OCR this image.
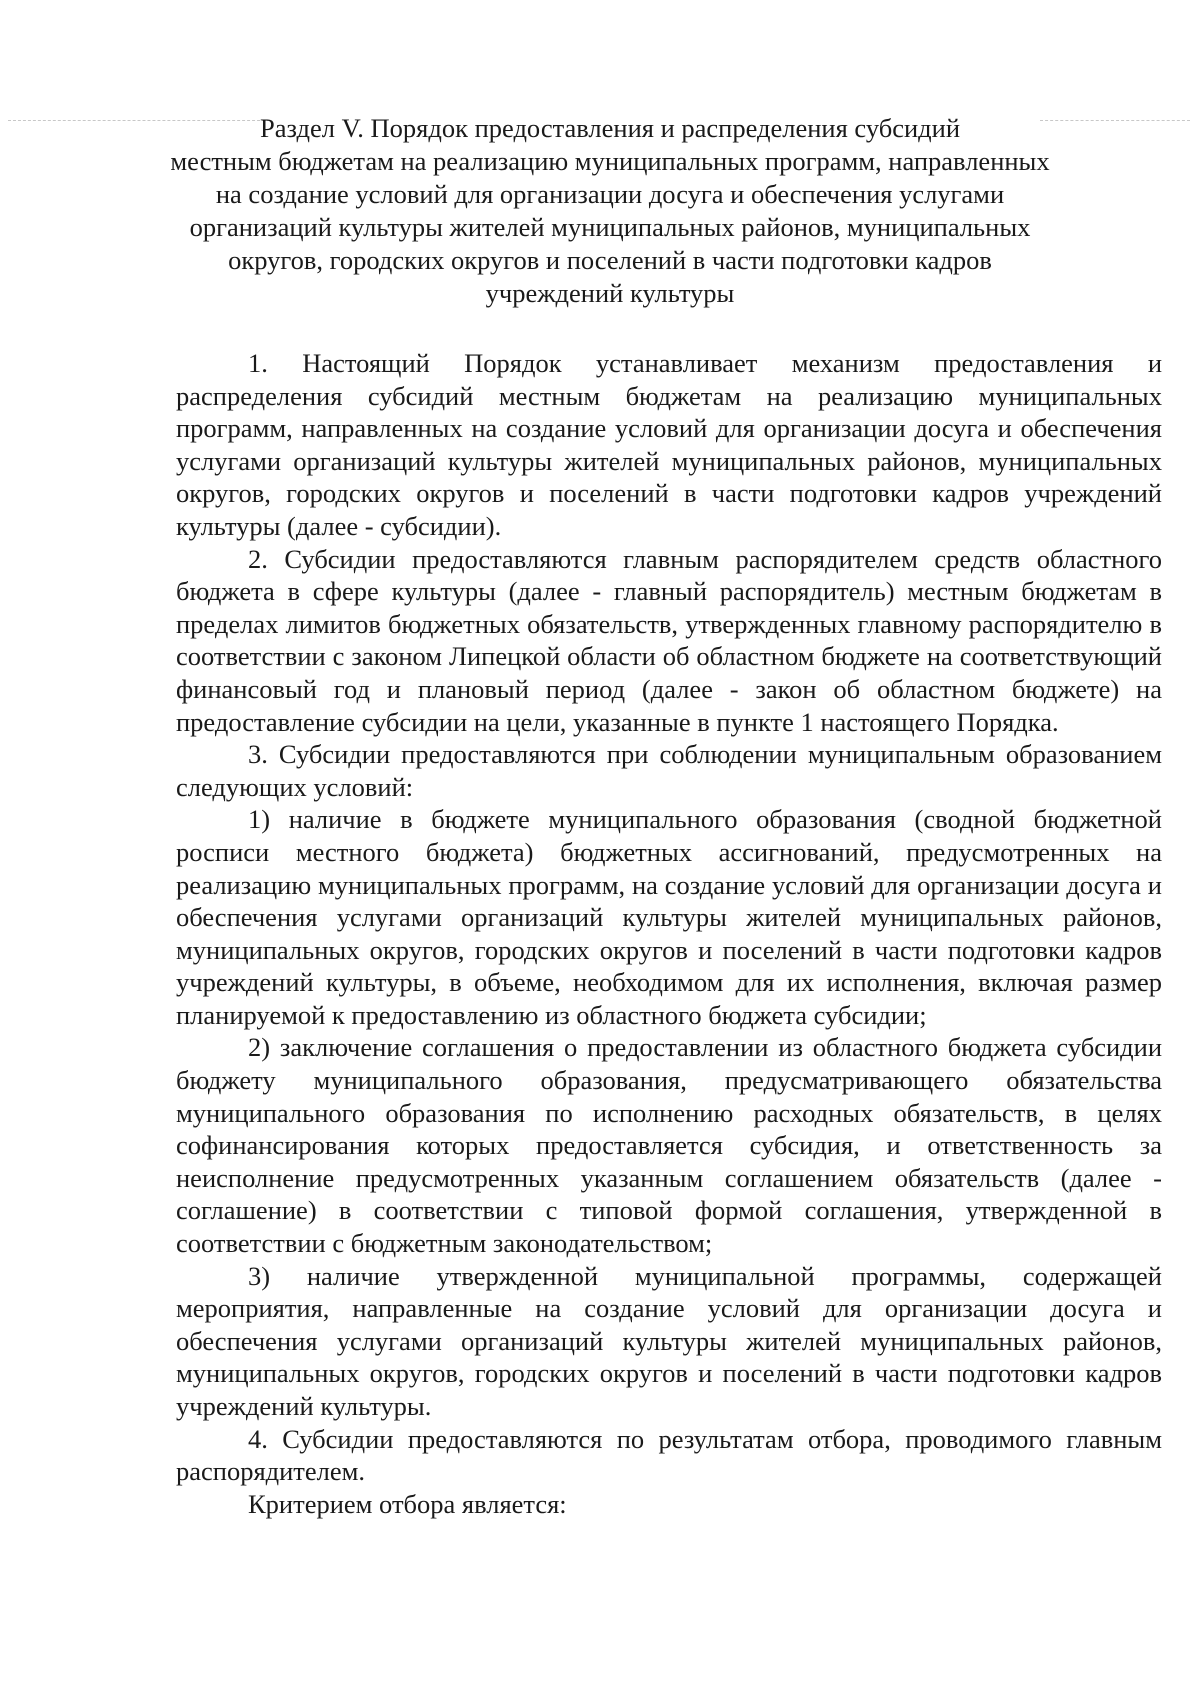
Раздел V. Порядок предоставления и распределения субсидий
местным бюджетам на реализацию муниципальных программ, направленных
на создание условий для организации досуга и обеспечения услугами
организаций культуры жителей муниципальных районов, муниципальных
округов, городских округов и поселений в части подготовки кадров
учреждений культуры

1. Настоящий Порядок устанавливает механизм предоставления и распределения субсидий местным бюджетам на реализацию муниципальных программ, направленных на создание условий для организации досуга и обеспечения услугами организаций культуры жителей муниципальных районов, муниципальных округов, городских округов и поселений в части подготовки кадров учреждений культуры (далее - субсидии).

2. Субсидии предоставляются главным распорядителем средств областного бюджета в сфере культуры (далее - главный распорядитель) местным бюджетам в пределах лимитов бюджетных обязательств, утвержденных главному распорядителю в соответствии с законом Липецкой области об областном бюджете на соответствующий финансовый год и плановый период (далее - закон об областном бюджете) на предоставление субсидии на цели, указанные в пункте 1 настоящего Порядка.

3. Субсидии предоставляются при соблюдении муниципальным образованием следующих условий:

1) наличие в бюджете муниципального образования (сводной бюджетной росписи местного бюджета) бюджетных ассигнований, предусмотренных на реализацию муниципальных программ, на создание условий для организации досуга и обеспечения услугами организаций культуры жителей муниципальных районов, муниципальных округов, городских округов и поселений в части подготовки кадров учреждений культуры, в объеме, необходимом для их исполнения, включая размер планируемой к предоставлению из областного бюджета субсидии;

2) заключение соглашения о предоставлении из областного бюджета субсидии бюджету муниципального образования, предусматривающего обязательства муниципального образования по исполнению расходных обязательств, в целях софинансирования которых предоставляется субсидия, и ответственность за неисполнение предусмотренных указанным соглашением обязательств (далее - соглашение) в соответствии с типовой формой соглашения, утвержденной в соответствии с бюджетным законодательством;

3) наличие утвержденной муниципальной программы, содержащей мероприятия, направленные на создание условий для организации досуга и обеспечения услугами организаций культуры жителей муниципальных районов, муниципальных округов, городских округов и поселений в части подготовки кадров учреждений культуры.

4. Субсидии предоставляются по результатам отбора, проводимого главным распорядителем.

Критерием отбора является:
